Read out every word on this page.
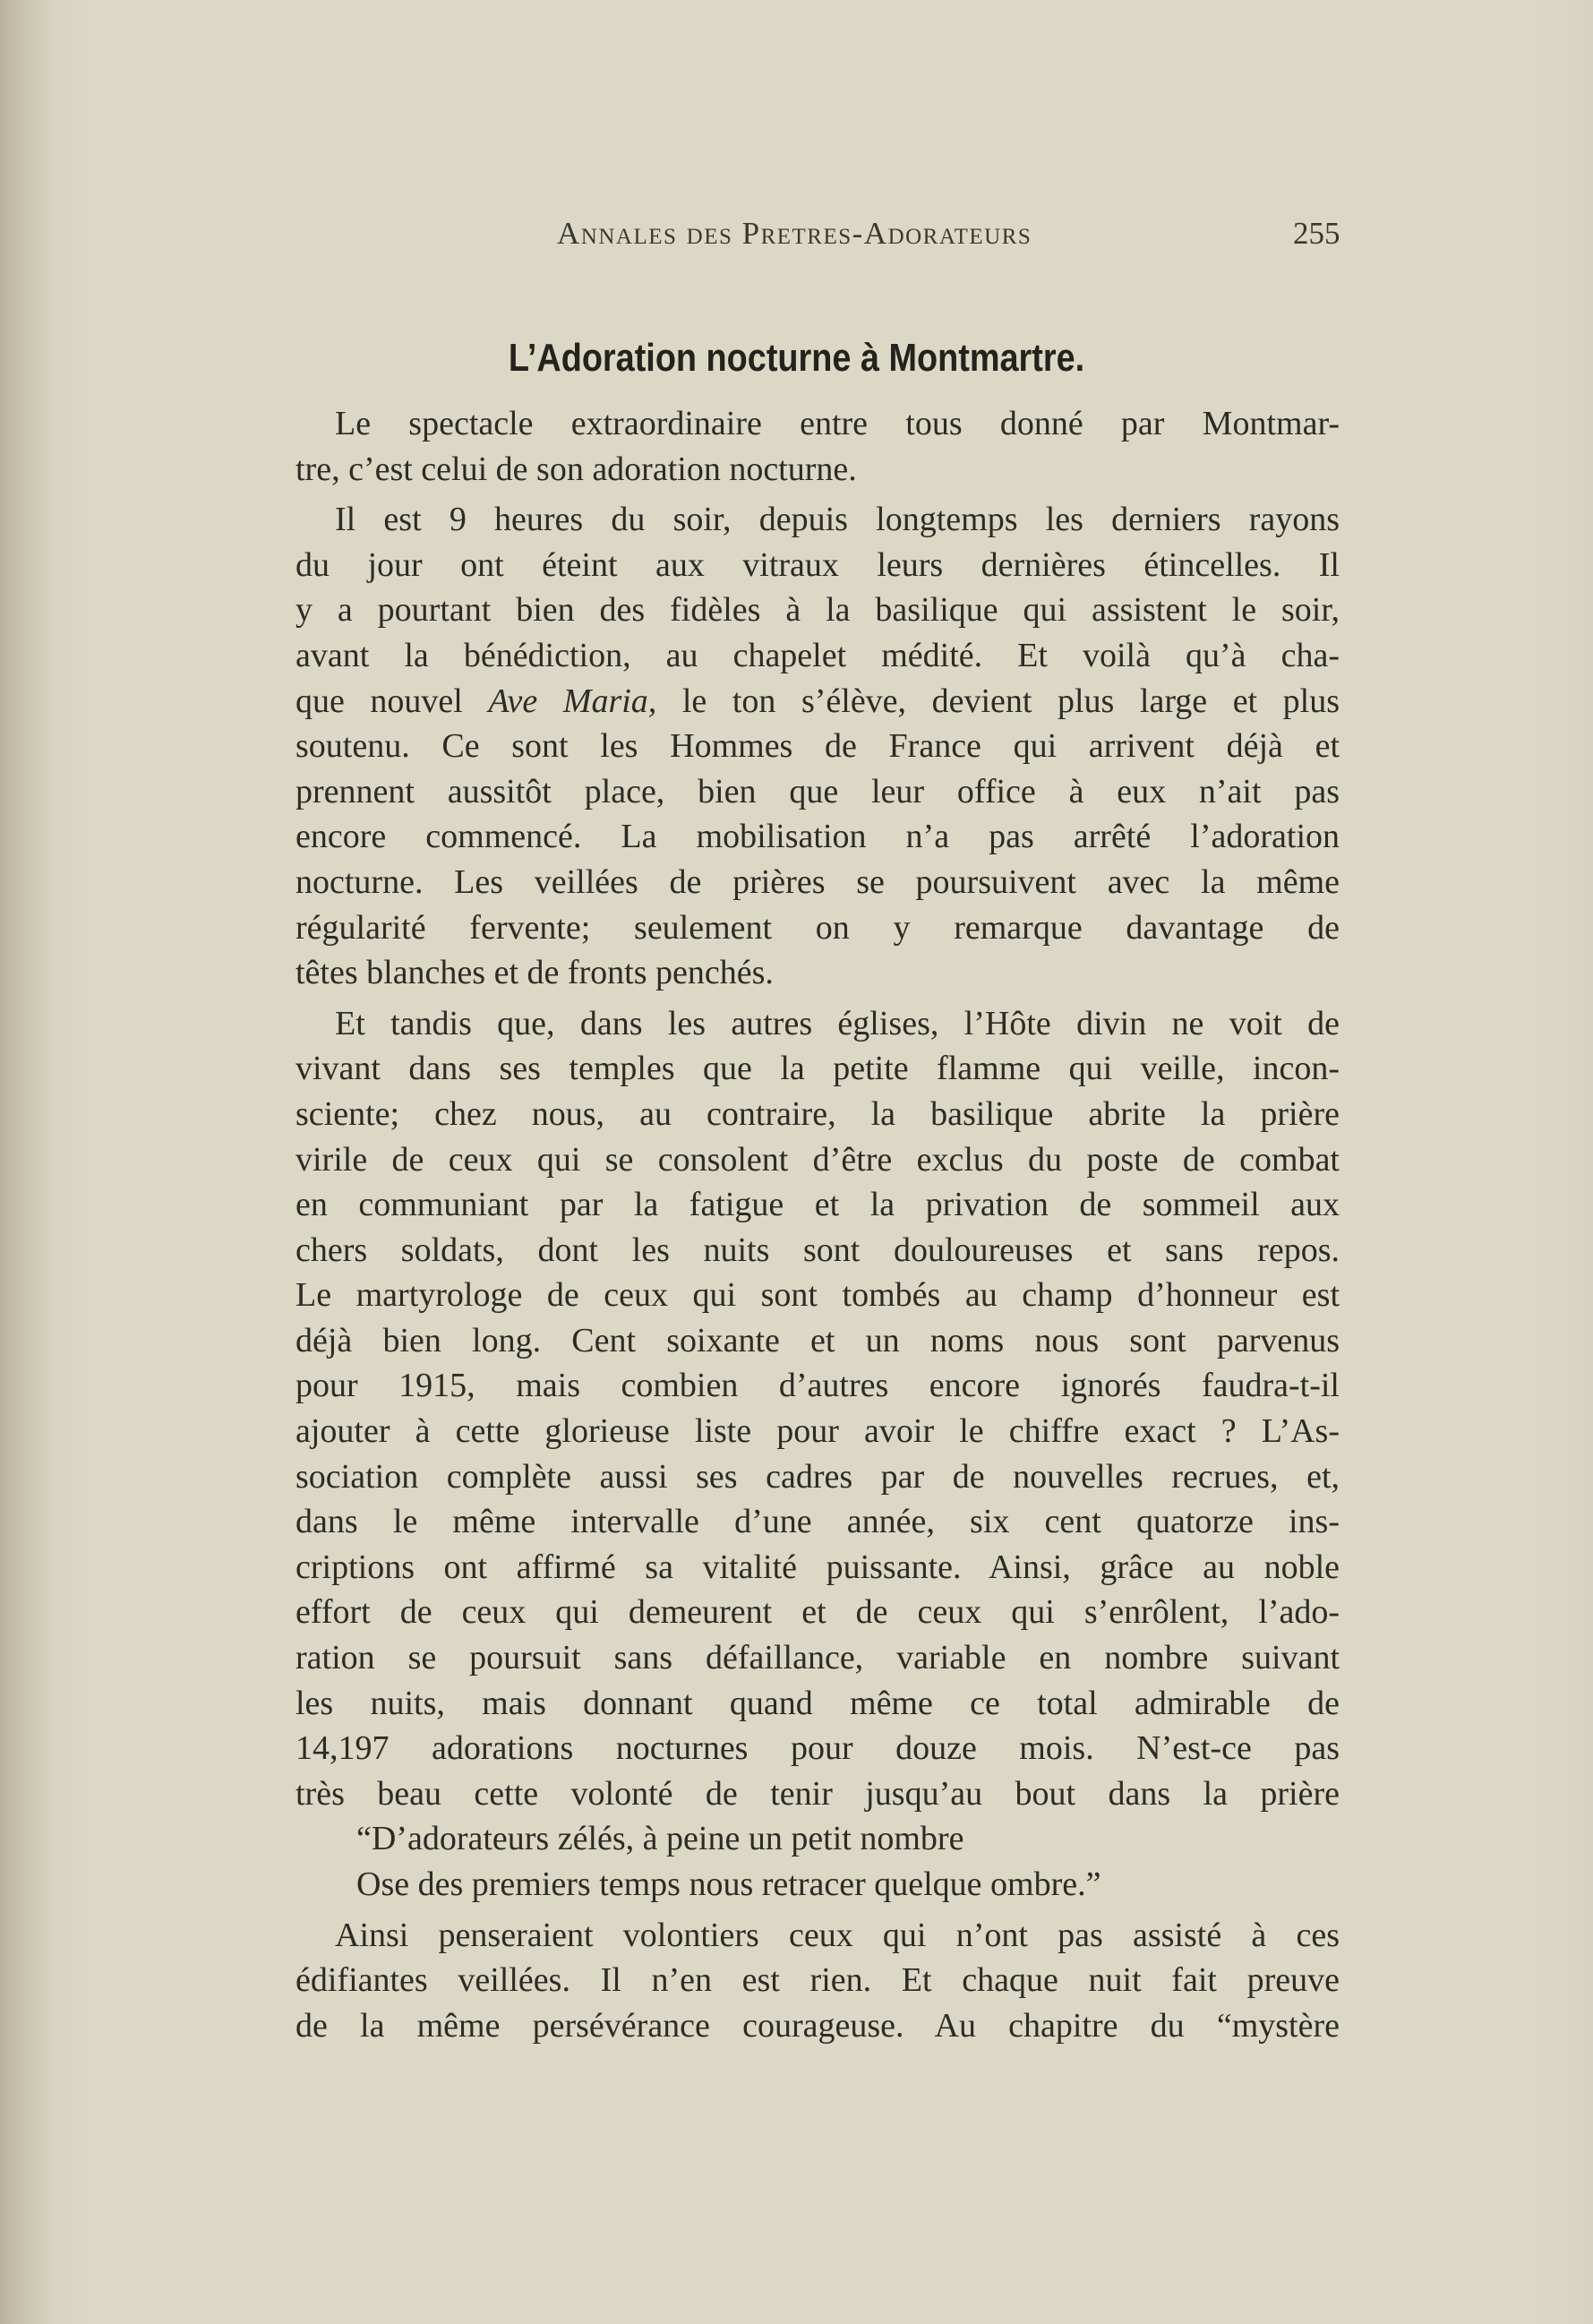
Annales des Pretres-Adorateurs	255
L’Adoration nocturne à Montmartre.
Le spectacle extraordinaire entre tous donné par Montmar-
tre, c’est celui de son adoration nocturne.
Il est 9 heures du soir, depuis longtemps les derniers rayons
du jour ont éteint aux vitraux leurs dernières étincelles. Il
y a pourtant bien des fidèles à la basilique qui assistent le soir,
avant la bénédiction, au chapelet médité. Et voilà qu’à cha-
que nouvel Ave Maria, le ton s’élève, devient plus large et plus
soutenu. Ce sont les Hommes de France qui arrivent déjà et
prennent aussitôt place, bien que leur office à eux n’ait pas
encore commencé. La mobilisation n’a pas arrêté l’adoration
nocturne. Les veillées de prières se poursuivent avec la même
régularité fervente; seulement on y remarque davantage de
têtes blanches et de fronts penchés.
Et tandis que, dans les autres églises, l’Hôte divin ne voit de
vivant dans ses temples que la petite flamme qui veille, incon-
sciente; chez nous, au contraire, la basilique abrite la prière
virile de ceux qui se consolent d’être exclus du poste de combat
en communiant par la fatigue et la privation de sommeil aux
chers soldats, dont les nuits sont douloureuses et sans repos.
Le martyrologe de ceux qui sont tombés au champ d’honneur est
déjà bien long. Cent soixante et un noms nous sont parvenus
pour 1915, mais combien d’autres encore ignorés faudra-t-il
ajouter à cette glorieuse liste pour avoir le chiffre exact ? L’As-
sociation complète aussi ses cadres par de nouvelles recrues, et,
dans le même intervalle d’une année, six cent quatorze ins-
criptions ont affirmé sa vitalité puissante. Ainsi, grâce au noble
effort de ceux qui demeurent et de ceux qui s’enrôlent, l’ado-
ration se poursuit sans défaillance, variable en nombre suivant
les nuits, mais donnant quand même ce total admirable de
14,197 adorations nocturnes pour douze mois. N’est-ce pas
très beau cette volonté de tenir jusqu’au bout dans la prière
“D’adorateurs zélés, à peine un petit nombre
Ose des premiers temps nous retracer quelque ombre.”
Ainsi penseraient volontiers ceux qui n’ont pas assisté à ces
édifiantes veillées. Il n’en est rien. Et chaque nuit fait preuve
de la même persévérance courageuse. Au chapitre du “mystère
